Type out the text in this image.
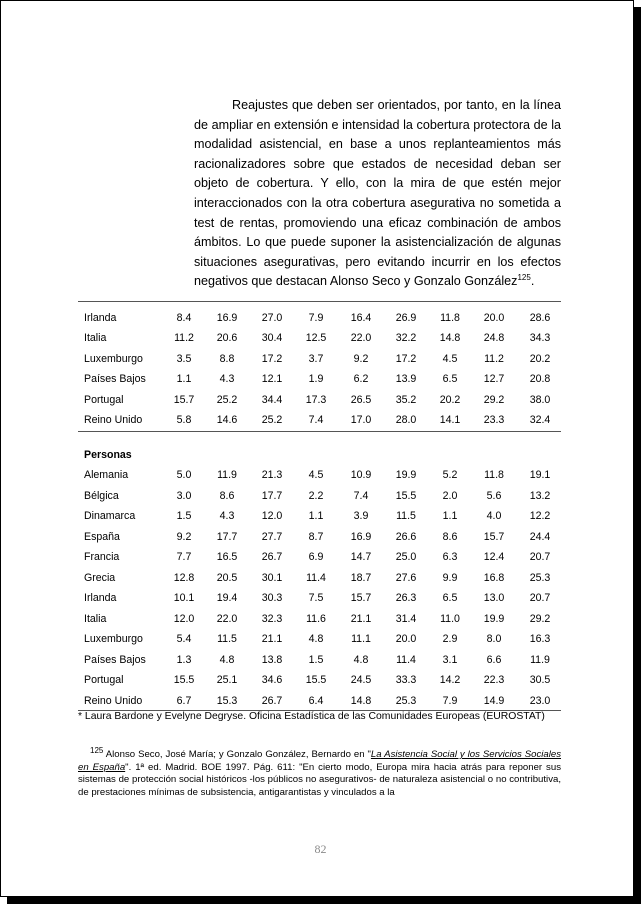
Reajustes que deben ser orientados, por tanto, en la línea de ampliar en extensión e intensidad la cobertura protectora de la modalidad asistencial, en base a unos replanteamientos más racionalizadores sobre que estados de necesidad deban ser objeto de cobertura. Y ello, con la mira de que estén mejor interaccionados con la otra cobertura asegurativa no sometida a test de rentas, promoviendo una eficaz combinación de ambos ámbitos. Lo que puede suponer la asistencialización de algunas situaciones asegurativas, pero evitando incurrir en los efectos negativos que destacan Alonso Seco y Gonzalo González$^{125}$.

Irlanda	8.4	16.9	27.0	7.9	16.4	26.9	11.8	20.0	28.6
Italia	11.2	20.6	30.4	12.5	22.0	32.2	14.8	24.8	34.3
Luxemburgo	3.5	8.8	17.2	3.7	9.2	17.2	4.5	11.2	20.2
Países Bajos	1.1	4.3	12.1	1.9	6.2	13.9	6.5	12.7	20.8
Portugal	15.7	25.2	34.4	17.3	26.5	35.2	20.2	29.2	38.0
Reino Unido	5.8	14.6	25.2	7.4	17.0	28.0	14.1	23.3	32.4
Personas
Alemania	5.0	11.9	21.3	4.5	10.9	19.9	5.2	11.8	19.1
Bélgica	3.0	8.6	17.7	2.2	7.4	15.5	2.0	5.6	13.2
Dinamarca	1.5	4.3	12.0	1.1	3.9	11.5	1.1	4.0	12.2
España	9.2	17.7	27.7	8.7	16.9	26.6	8.6	15.7	24.4
Francia	7.7	16.5	26.7	6.9	14.7	25.0	6.3	12.4	20.7
Grecia	12.8	20.5	30.1	11.4	18.7	27.6	9.9	16.8	25.3
Irlanda	10.1	19.4	30.3	7.5	15.7	26.3	6.5	13.0	20.7
Italia	12.0	22.0	32.3	11.6	21.1	31.4	11.0	19.9	29.2
Luxemburgo	5.4	11.5	21.1	4.8	11.1	20.0	2.9	8.0	16.3
Países Bajos	1.3	4.8	13.8	1.5	4.8	11.4	3.1	6.6	11.9
Portugal	15.5	25.1	34.6	15.5	24.5	33.3	14.2	22.3	30.5
Reino Unido	6.7	15.3	26.7	6.4	14.8	25.3	7.9	14.9	23.0
* Laura Bardone y Evelyne Degryse. Oficina Estadística de las Comunidades Europeas (EUROSTAT)
$^{125}$ Alonso Seco, José María; y Gonzalo González, Bernardo en "La Asistencia Social y los Servicios Sociales en España". 1ª ed. Madrid. BOE 1997. Pág. 611: "En cierto modo, Europa mira hacia atrás para reponer sus sistemas de protección social históricos -los públicos no asegurativos- de naturaleza asistencial o no contributiva, de prestaciones mínimas de subsistencia, antigarantistas y vinculados a la
82
